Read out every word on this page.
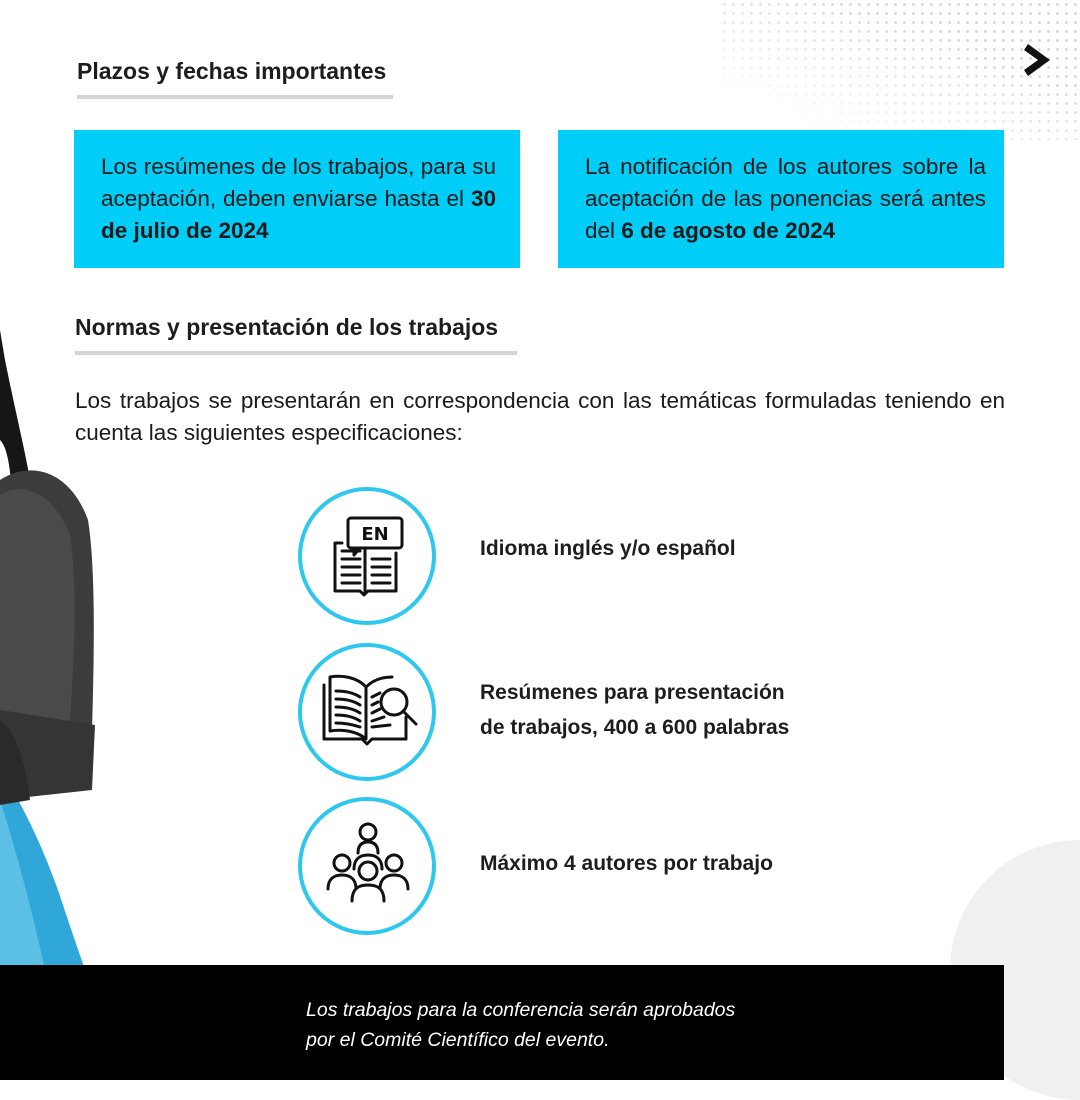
Plazos y fechas importantes
Los resúmenes de los trabajos, para su aceptación, deben enviarse hasta el 30 de julio de 2024
La notificación de los autores sobre la aceptación de las ponencias será antes del 6 de agosto de 2024
Normas y presentación de los trabajos

Los trabajos se presentarán en correspondencia con las temáticas formuladas teniendo en cuenta las siguientes especificaciones:

EN
Idioma inglés y/o español
Resúmenes para presentación
de trabajos, 400 a 600 palabras
Máximo 4 autores por trabajo
Los trabajos para la conferencia serán aprobados
por el Comité Científico del evento.
